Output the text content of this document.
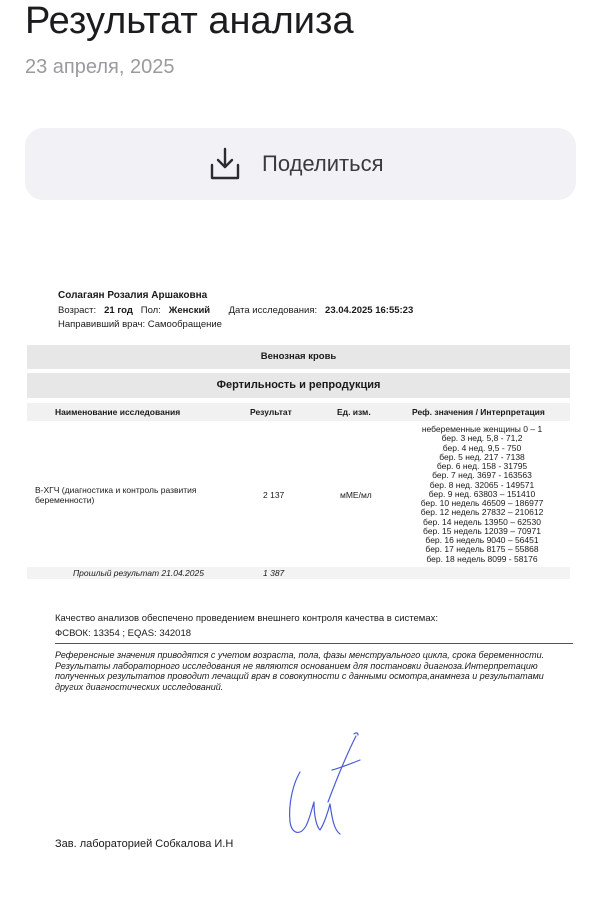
Результат анализа
23 апреля, 2025
Поделиться
Солагаян Розалия Аршаковна
Возраст: 21 год Пол: Женский Дата исследования: 23.04.2025 16:55:23
Направивший врач: Самообращение
Венозная кровь
Фертильность и репродукция
Наименование исследования	Результат	Ед. изм.	Реф. значения / Интерпретация
В-ХГЧ (диагностика и контроль развития беременности)	2 137	мМЕ/мл
небеременные женщины 0 – 1
бер. 3 нед. 5,8 - 71,2
бер. 4 нед. 9,5 - 750
бер. 5 нед. 217 - 7138
бер. 6 нед. 158 - 31795
бер. 7 нед. 3697 - 163563
бер. 8 нед. 32065 - 149571
бер. 9 нед. 63803 – 151410
бер. 10 недель 46509 – 186977
бер. 12 недель 27832 – 210612
бер. 14 недель 13950 – 62530
бер. 15 недель 12039 – 70971
бер. 16 недель 9040 – 56451
бер. 17 недель 8175 – 55868
бер. 18 недель 8099 - 58176
Прошлый результат 21.04.2025	1 387
Качество анализов обеспечено проведением внешнего контроля качества в системах:
ФСВОК: 13354 ; EQAS: 342018

Референсные значения приводятся с учетом возраста, пола, фазы менструального цикла, срока беременности.

Результаты лабораторного исследования не являются основанием для постановки диагноза.Интерпретацию полученных результатов проводит лечащий врач в совокупности с данными осмотра,анамнеза и результатами других диагностических исследований.

Зав. лабораторией Собкалова И.Н
